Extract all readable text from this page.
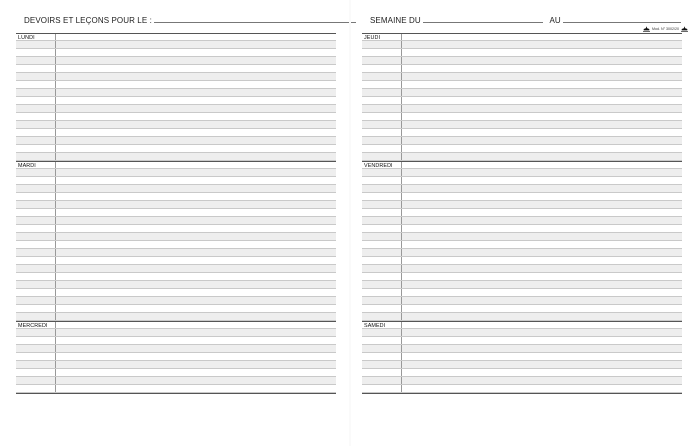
DEVOIRS ET LEÇONS POUR LE :
LUNDI
MARDI
MERCREDI
SEMAINE DU	AU
Mod. N° 3002/20
JEUDI
VENDREDI
SAMEDI
